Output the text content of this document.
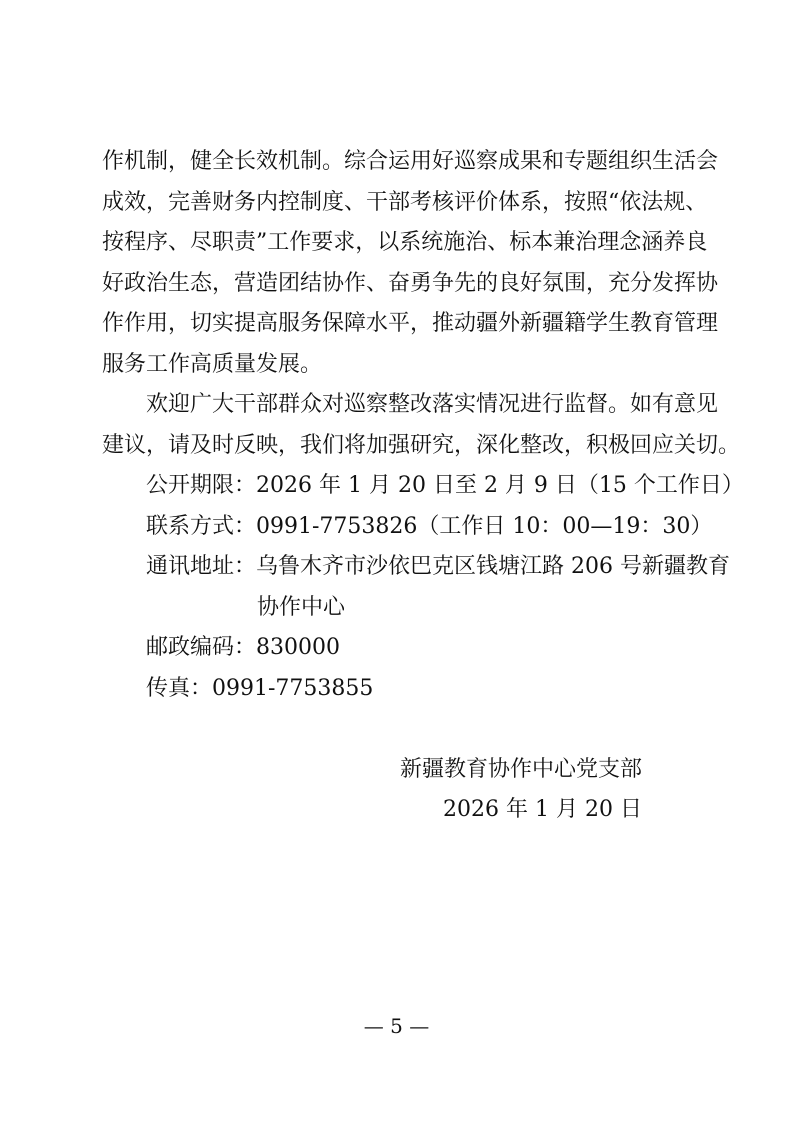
作机制，健全长效机制。综合运用好巡察成果和专题组织生活会
成效，完善财务内控制度、干部考核评价体系，按照“依法规、
按程序、尽职责”工作要求，以系统施治、标本兼治理念涵养良
好政治生态，营造团结协作、奋勇争先的良好氛围，充分发挥协
作作用，切实提高服务保障水平，推动疆外新疆籍学生教育管理
服务工作高质量发展。
欢迎广大干部群众对巡察整改落实情况进行监督。如有意见
建议，请及时反映，我们将加强研究，深化整改，积极回应关切。
公开期限：2026 年 1 月 20 日至 2 月 9 日（15 个工作日）
联系方式：0991-7753826（工作日 10：00—19：30）
通讯地址：乌鲁木齐市沙依巴克区钱塘江路 206 号新疆教育
协作中心
邮政编码：830000
传真：0991-7753855
新疆教育协作中心党支部
2026 年 1 月 20 日
— 5 —
